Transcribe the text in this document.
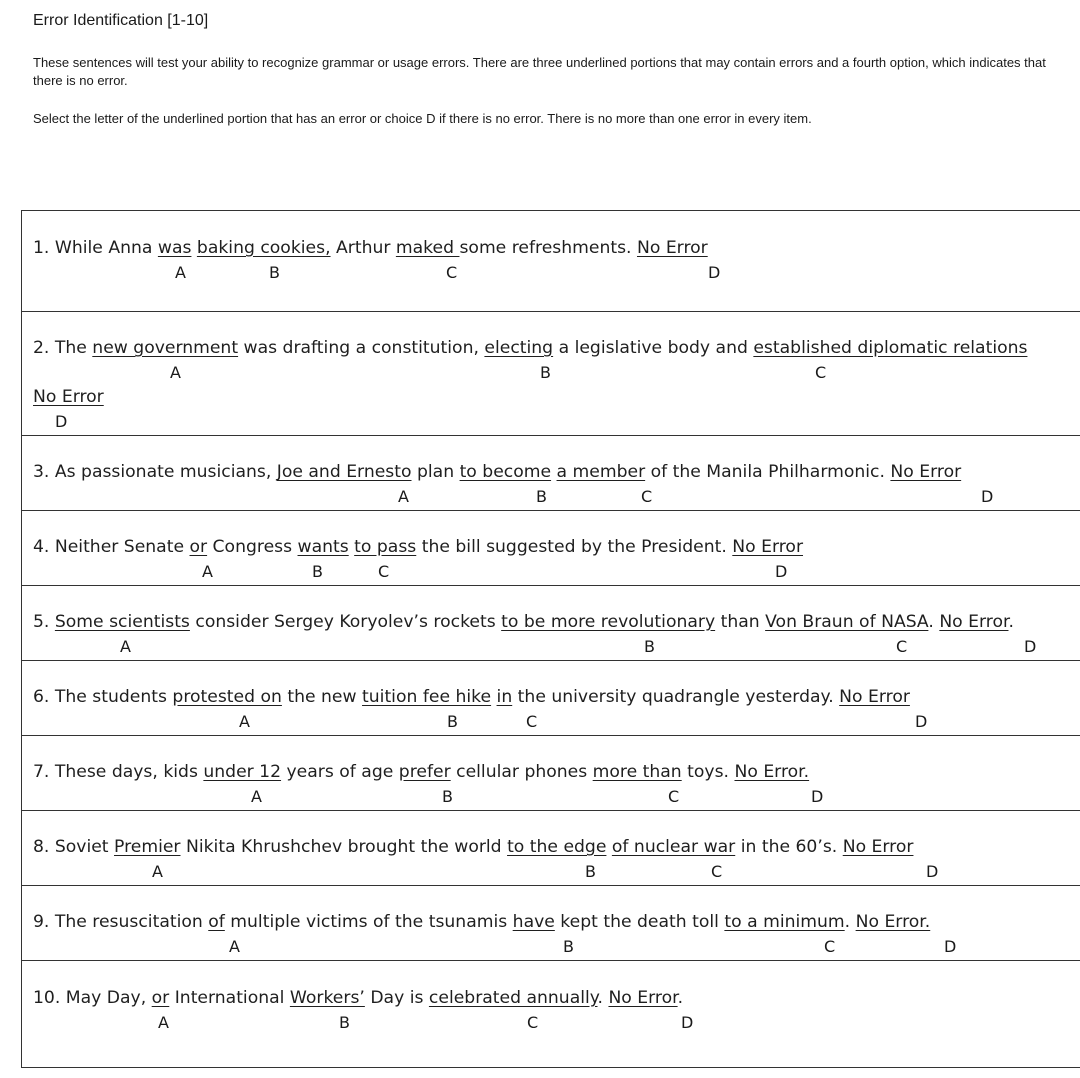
Error Identification [1-10]
These sentences will test your ability to recognize grammar or usage errors. There are three underlined portions that may contain errors and a fourth option, which indicates that there is no error.
Select the letter of the underlined portion that has an error or choice D if there is no error. There is no more than one error in every item.
1. While Anna was baking cookies, Arthur maked some refreshments. No Error
A	B	C	D
2. The new government was drafting a constitution, electing a legislative body and established diplomatic relations
A	B	C
No Error
D
3. As passionate musicians, Joe and Ernesto plan to become a member of the Manila Philharmonic. No Error
A	B	C	D
4. Neither Senate or Congress wants to pass the bill suggested by the President. No Error
A	B	C	D
5. Some scientists consider Sergey Koryolev’s rockets to be more revolutionary than Von Braun of NASA. No Error.
A	B	C	D
6. The students protested on the new tuition fee hike in the university quadrangle yesterday. No Error
A	B	C	D
7. These days, kids under 12 years of age prefer cellular phones more than toys. No Error.
A	B	C	D
8. Soviet Premier Nikita Khrushchev brought the world to the edge of nuclear war in the 60’s. No Error
A	B	C	D
9. The resuscitation of multiple victims of the tsunamis have kept the death toll to a minimum. No Error.
A	B	C	D
10. May Day, or International Workers’ Day is celebrated annually. No Error.
A	B	C	D
